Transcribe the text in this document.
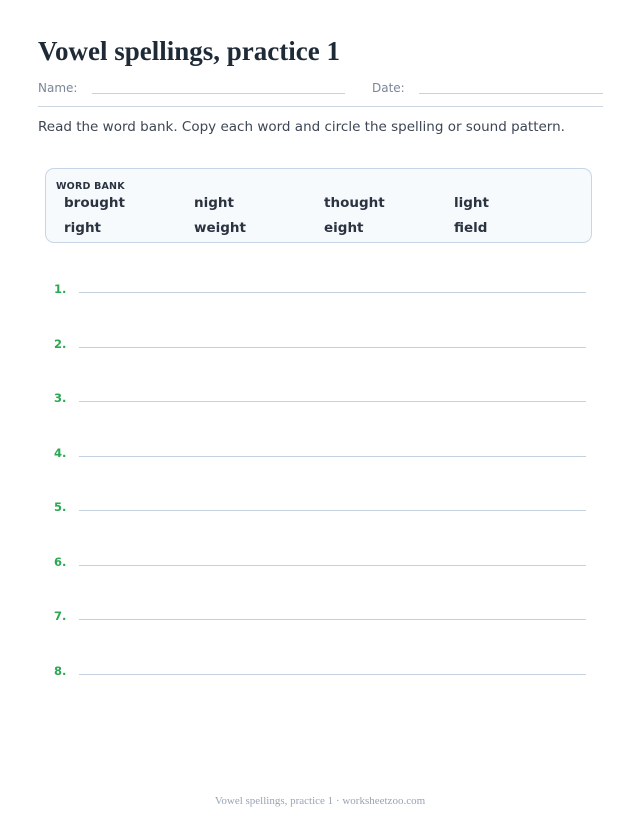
Vowel spellings, practice 1
Name:	Date:

Read the word bank. Copy each word and circle the spelling or sound pattern.

WORD BANK
brought	night	thought	light
right	weight	eight	field
1.
2.
3.
4.
5.
6.
7.
8.
Vowel spellings, practice 1 · worksheetzoo.com
